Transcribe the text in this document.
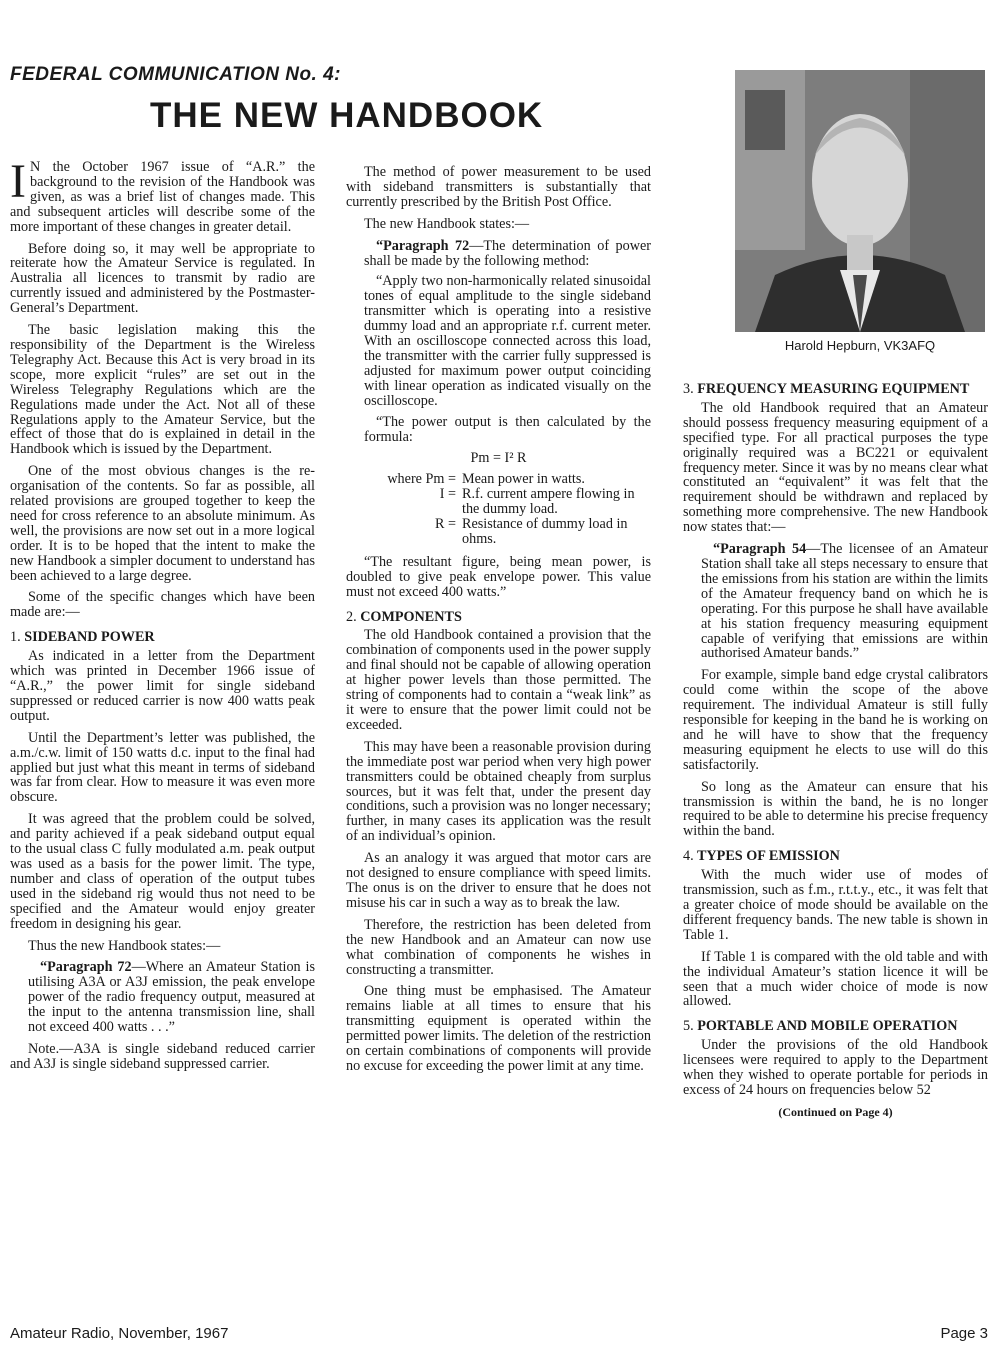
FEDERAL COMMUNICATION No. 4:
THE NEW HANDBOOK
Harold Hepburn, VK3AFQ

IN the October 1967 issue of “A.R.” the background to the revision of the Handbook was given, as was a brief list of changes made. This and subsequent articles will describe some of the more important of these changes in greater detail.

Before doing so, it may well be appropriate to reiterate how the Amateur Service is regulated. In Australia all licences to transmit by radio are currently issued and administered by the Postmaster-General’s Department.

The basic legislation making this the responsibility of the Department is the Wireless Telegraphy Act. Because this Act is very broad in its scope, more explicit “rules” are set out in the Wireless Telegraphy Regulations which are the Regulations made under the Act. Not all of these Regulations apply to the Amateur Service, but the effect of those that do is explained in detail in the Handbook which is issued by the Department.

One of the most obvious changes is the re-organisation of the contents. So far as possible, all related provisions are grouped together to keep the need for cross reference to an absolute minimum. As well, the provisions are now set out in a more logical order. It is to be hoped that the intent to make the new Handbook a simpler document to understand has been achieved to a large degree.

Some of the specific changes which have been made are:—

1. SIDEBAND POWER

As indicated in a letter from the Department which was printed in December 1966 issue of “A.R.,” the power limit for single sideband suppressed or reduced carrier is now 400 watts peak output.

Until the Department’s letter was published, the a.m./c.w. limit of 150 watts d.c. input to the final had applied but just what this meant in terms of sideband was far from clear. How to measure it was even more obscure.

It was agreed that the problem could be solved, and parity achieved if a peak sideband output equal to the usual class C fully modulated a.m. peak output was used as a basis for the power limit. The type, number and class of operation of the output tubes used in the sideband rig would thus not need to be specified and the Amateur would enjoy greater freedom in designing his gear.

Thus the new Handbook states:—

“Paragraph 72—Where an Amateur Station is utilising A3A or A3J emission, the peak envelope power of the radio frequency output, measured at the input to the antenna transmission line, shall not exceed 400 watts . . .”

Note.—A3A is single sideband reduced carrier and A3J is single sideband suppressed carrier.

The method of power measurement to be used with sideband transmitters is substantially that currently prescribed by the British Post Office.

The new Handbook states:—

“Paragraph 72—The determination of power shall be made by the following method:

“Apply two non-harmonically related sinusoidal tones of equal amplitude to the single sideband transmitter which is operating into a resistive dummy load and an appropriate r.f. current meter. With an oscilloscope connected across this load, the transmitter with the carrier fully suppressed is adjusted for maximum power output coinciding with linear operation as indicated visually on the oscilloscope.

“The power output is then calculated by the formula:

Pm = I² R
where Pm = Mean power in watts.
I = R.f. current ampere flowing in the dummy load.
R = Resistance of dummy load in ohms.

“The resultant figure, being mean power, is doubled to give peak envelope power. This value must not exceed 400 watts.”

2. COMPONENTS

The old Handbook contained a provision that the combination of components used in the power supply and final should not be capable of allowing operation at higher power levels than those permitted. The string of components had to contain a “weak link” as it were to ensure that the power limit could not be exceeded.

This may have been a reasonable provision during the immediate post war period when very high power transmitters could be obtained cheaply from surplus sources, but it was felt that, under the present day conditions, such a provision was no longer necessary; further, in many cases its application was the result of an individual’s opinion.

As an analogy it was argued that motor cars are not designed to ensure compliance with speed limits. The onus is on the driver to ensure that he does not misuse his car in such a way as to break the law.

Therefore, the restriction has been deleted from the new Handbook and an Amateur can now use what combination of components he wishes in constructing a transmitter.

One thing must be emphasised. The Amateur remains liable at all times to ensure that his transmitting equipment is operated within the permitted power limits. The deletion of the restriction on certain combinations of components will provide no excuse for exceeding the power limit at any time.

3. FREQUENCY MEASURING EQUIPMENT

The old Handbook required that an Amateur should possess frequency measuring equipment of a specified type. For all practical purposes the type originally required was a BC221 or equivalent frequency meter. Since it was by no means clear what constituted an “equivalent” it was felt that the requirement should be withdrawn and replaced by something more comprehensive. The new Handbook now states that:—

“Paragraph 54—The licensee of an Amateur Station shall take all steps necessary to ensure that the emissions from his station are within the limits of the Amateur frequency band on which he is operating. For this purpose he shall have available at his station frequency measuring equipment capable of verifying that emissions are within authorised Amateur bands.”

For example, simple band edge crystal calibrators could come within the scope of the above requirement. The individual Amateur is still fully responsible for keeping in the band he is working on and he will have to show that the frequency measuring equipment he elects to use will do this satisfactorily.

So long as the Amateur can ensure that his transmission is within the band, he is no longer required to be able to determine his precise frequency within the band.

4. TYPES OF EMISSION

With the much wider use of modes of transmission, such as f.m., r.t.t.y., etc., it was felt that a greater choice of mode should be available on the different frequency bands. The new table is shown in Table 1.

If Table 1 is compared with the old table and with the individual Amateur’s station licence it will be seen that a much wider choice of mode is now allowed.

5. PORTABLE AND MOBILE OPERATION

Under the provisions of the old Handbook licensees were required to apply to the Department when they wished to operate portable for periods in excess of 24 hours on frequencies below 52

(Continued on Page 4)
Amateur Radio, November, 1967	Page 3
